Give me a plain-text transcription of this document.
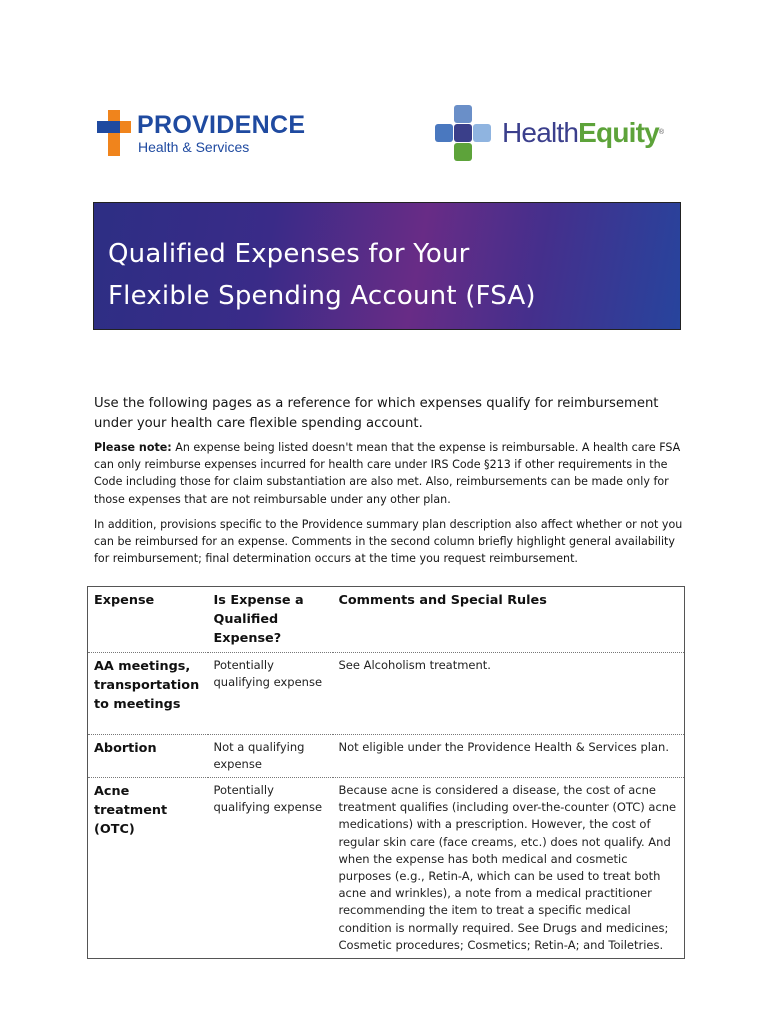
PROVIDENCE
Health & Services	HealthEquity®
Qualified Expenses for Your
Flexible Spending Account (FSA)

Use the following pages as a reference for which expenses qualify for reimbursement under your health care flexible spending account.

Please note: An expense being listed doesn't mean that the expense is reimbursable. A health care FSA can only reimburse expenses incurred for health care under IRS Code §213 if other requirements in the Code including those for claim substantiation are also met. Also, reimbursements can be made only for those expenses that are not reimbursable under any other plan.

In addition, provisions specific to the Providence summary plan description also affect whether or not you can be reimbursed for an expense. Comments in the second column briefly highlight general availability for reimbursement; final determination occurs at the time you request reimbursement.

Expense	Is Expense a Qualified Expense?	Comments and Special Rules
AA meetings, transportation to meetings	Potentially qualifying expense	See Alcoholism treatment.
Abortion	Not a qualifying expense	Not eligible under the Providence Health & Services plan.
Acne treatment (OTC)	Potentially qualifying expense	Because acne is considered a disease, the cost of acne treatment qualifies (including over-the-counter (OTC) acne medications) with a prescription. However, the cost of regular skin care (face creams, etc.) does not qualify. And when the expense has both medical and cosmetic purposes (e.g., Retin-A, which can be used to treat both acne and wrinkles), a note from a medical practitioner recommending the item to treat a specific medical condition is normally required. See Drugs and medicines; Cosmetic procedures; Cosmetics; Retin-A; and Toiletries.
